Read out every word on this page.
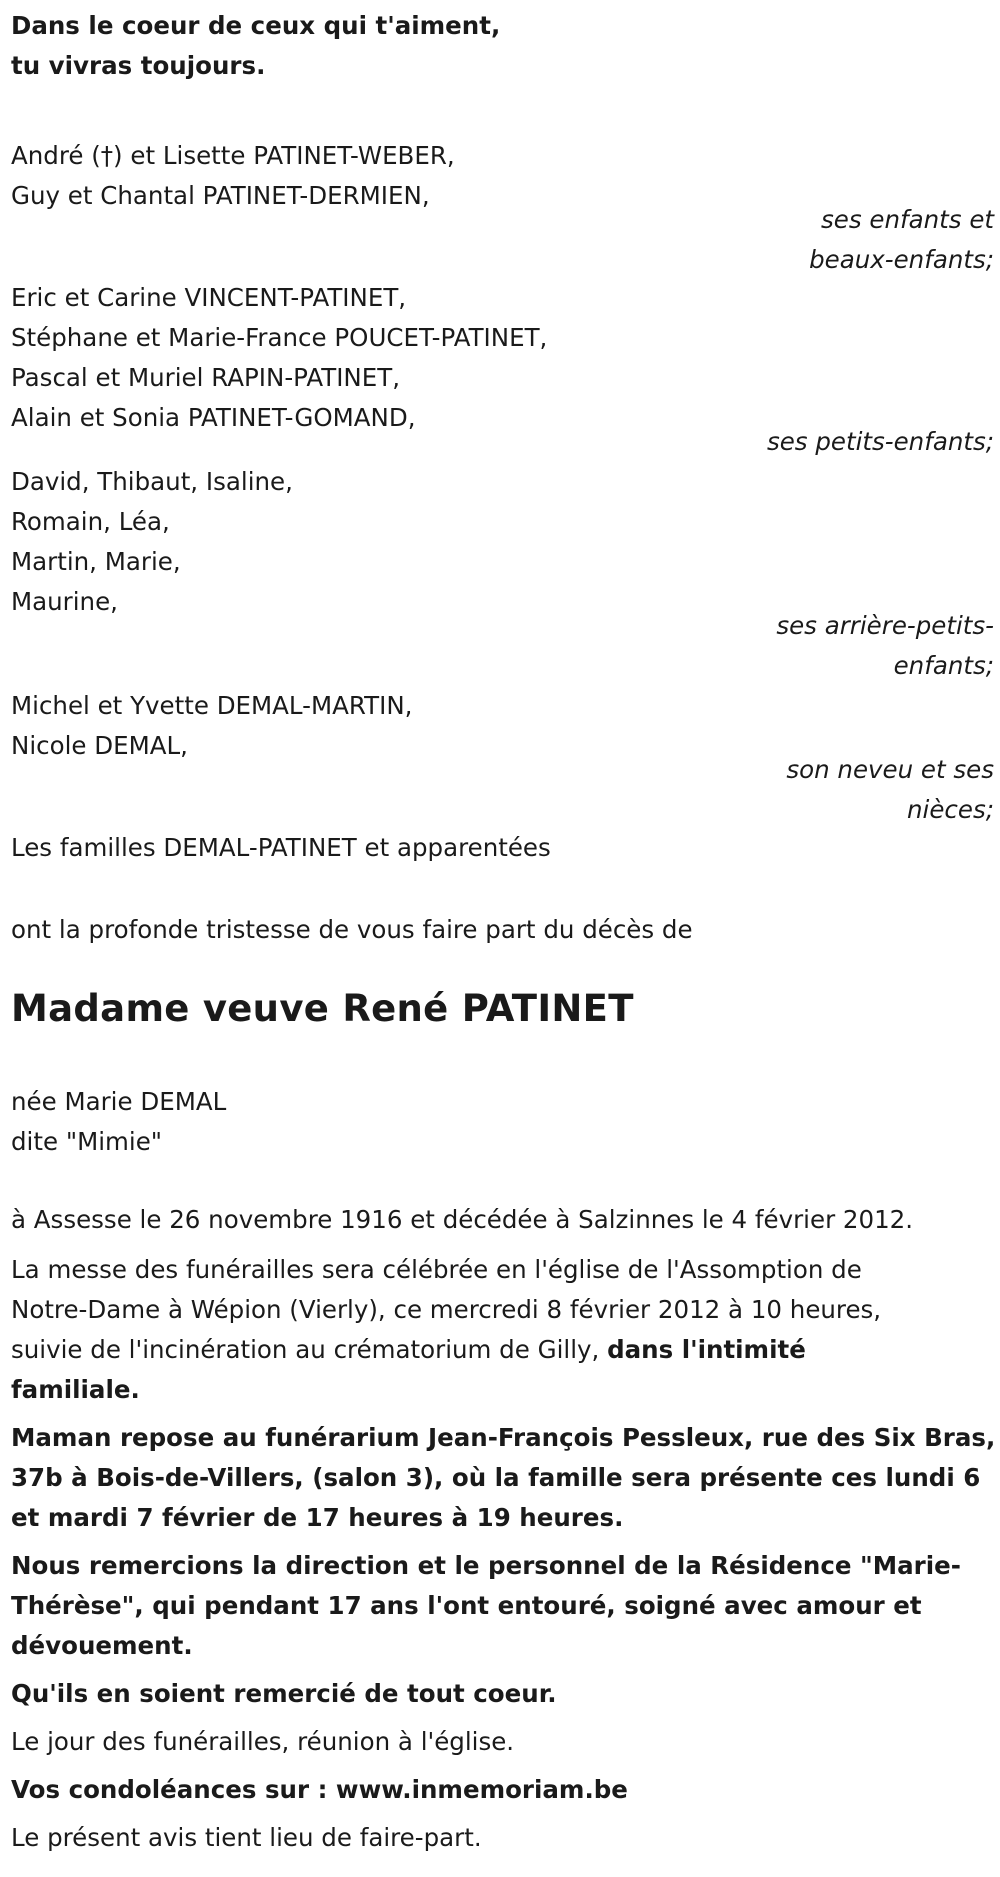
Dans le coeur de ceux qui t'aiment,
tu vivras toujours.
André (†) et Lisette PATINET-WEBER,
Guy et Chantal PATINET-DERMIEN,
ses enfants et
beaux-enfants;
Eric et Carine VINCENT-PATINET,
Stéphane et Marie-France POUCET-PATINET,
Pascal et Muriel RAPIN-PATINET,
Alain et Sonia PATINET-GOMAND,
ses petits-enfants;
David, Thibaut, Isaline,
Romain, Léa,
Martin, Marie,
Maurine,
ses arrière-petits-
enfants;
Michel et Yvette DEMAL-MARTIN,
Nicole DEMAL,
son neveu et ses
nièces;
Les familles DEMAL-PATINET et apparentées
ont la profonde tristesse de vous faire part du décès de
Madame veuve René PATINET
née Marie DEMAL
dite "Mimie"
à Assesse le 26 novembre 1916 et décédée à Salzinnes le 4 février 2012.
La messe des funérailles sera célébrée en l'église de l'Assomption de
Notre-Dame à Wépion (Vierly), ce mercredi 8 février 2012 à 10 heures,
suivie de l'incinération au crématorium de Gilly, dans l'intimité
familiale.
Maman repose au funérarium Jean-François Pessleux, rue des Six Bras,
37b à Bois-de-Villers, (salon 3), où la famille sera présente ces lundi 6
et mardi 7 février de 17 heures à 19 heures.
Nous remercions la direction et le personnel de la Résidence "Marie-
Thérèse", qui pendant 17 ans l'ont entouré, soigné avec amour et
dévouement.
Qu'ils en soient remercié de tout coeur.
Le jour des funérailles, réunion à l'église.
Vos condoléances sur : www.inmemoriam.be
Le présent avis tient lieu de faire-part.
